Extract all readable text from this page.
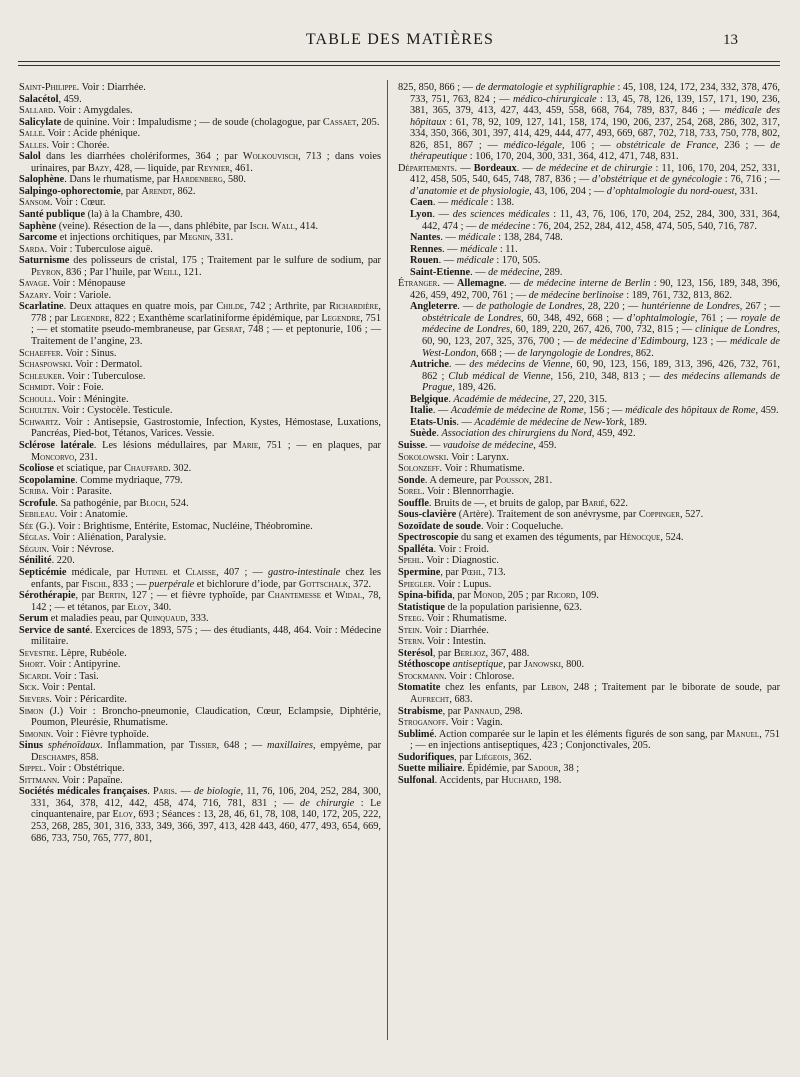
TABLE DES MATIÈRES	13
Saint-Philippe. Voir : Diarrhée.
Salacétol, 459.
Sallard. Voir : Amygdales.
Salicylate de quinine. Voir : Impaludisme ; — de soude (cholagogue, par Cassaet, 205.
Salle. Voir : Acide phénique.
Salles. Voir : Chorée.
Salol dans les diarrhées cholériformes, 364 ; par Wolkouvisch, 713 ; dans voies urinaires, par Bazy, 428, — liquide, par Reynier, 461.
Salophène. Dans le rhumatisme, par Hardenberg, 580.
Salpingo-ophorectomie, par Arendt, 862.
Sansom. Voir : Cœur.
Santé publique (la) à la Chambre, 430.
Saphène (veine). Résection de la —, dans phlébite, par Isch. Wall, 414.
Sarcome et injections orchitiques, par Megnin, 331.
Sarda. Voir : Tuberculose aiguë.
Saturnisme des polisseurs de cristal, 175 ; Traitement par le sulfure de sodium, par Peyron, 836 ; Par l’huile, par Weill, 121.
Savage. Voir : Ménopause
Sazary. Voir : Variole.
Scarlatine. Deux attaques en quatre mois, par Childe, 742 ; Arthrite, par Richardière, 778 ; par Legendre, 822 ; Exanthème scarlatiniforme épidémique, par Legendre, 751 ; — et stomatite pseudo-membraneuse, par Gesrat, 748 ; — et peptonurie, 106 ; — Traitement de l’angine, 23.
Schaeffer. Voir : Sinus.
Schaspowski. Voir : Dermatol.
Schleuker. Voir : Tuberculose.
Schmidt. Voir : Foie.
Schoull. Voir : Méningite.
Schulten. Voir : Cystocèle. Testicule.
Schwartz. Voir : Antisepsie, Gastrostomie, Infection, Kystes, Hémostase, Luxations, Pancréas, Pied-bot, Tétanos, Varices. Vessie.
Sclérose latérale. Les lésions médullaires, par Marie, 751 ; — en plaques, par Moncorvo, 231.
Scoliose et sciatique, par Chauffard. 302.
Scopolamine. Comme mydriaque, 779.
Scriba. Voir : Parasite.
Scrofule. Sa pathogénie, par Bloch, 524.
Sebileau. Voir : Anatomie.
Sée (G.). Voir : Brightisme, Entérite, Estomac, Nucléine, Théobromine.
Séglas. Voir : Aliénation, Paralysie.
Séguin. Voir : Névrose.
Sénilité. 220.
Septicémie médicale, par Hutinel et Claisse, 407 ; — gastro-intestinale chez les enfants, par Fischl, 833 ; — puerpérale et bichlorure d’iode, par Gottschalk, 372.
Sérothérapie, par Bertin, 127 ; — et fièvre typhoïde, par Chantemesse et Widal, 78, 142 ; — et tétanos, par Eloy, 340.
Serum et maladies peau, par Quinquaud, 333.
Service de santé. Exercices de 1893, 575 ; — des étudiants, 448, 464. Voir : Médecine militaire.
Sevestre. Lèpre, Rubéole.
Short. Voir : Antipyrine.
Sicardi. Voir : Tasi.
Sick. Voir : Pental.
Sievers. Voir : Péricardite.
Simon (J.) Voir : Broncho-pneumonie, Claudication, Cœur, Eclampsie, Diphtérie, Poumon, Pleurésie, Rhumatisme.
Simonin. Voir : Fièvre typhoïde.
Sinus sphénoïdaux. Inflammation, par Tissier, 648 ; — maxillaires, empyème, par Deschamps, 858.
Sippel. Voir : Obstétrique.
Sittmann. Voir : Papaïne.
Sociétés médicales françaises. Paris. — de biologie, 11, 76, 106, 204, 252, 284, 300, 331, 364, 378, 412, 442, 458, 474, 716, 781, 831 ; — de chirurgie : Le cinquantenaire, par Eloy, 693 ; Séances : 13, 28, 46, 61, 78, 108, 140, 172, 205, 222, 253, 268, 285, 301, 316, 333, 349, 366, 397, 413, 428 443, 460, 477, 493, 654, 669, 686, 733, 750, 765, 777, 801,
825, 850, 866 ; — de dermatologie et syphiligraphie : 45, 108, 124, 172, 234, 332, 378, 476, 733, 751, 763, 824 ; — médico-chirurgicale : 13, 45, 78, 126, 139, 157, 171, 190, 236, 381, 365, 379, 413, 427, 443, 459, 558, 668, 764, 789, 837, 846 ; — médicale des hôpitaux : 61, 78, 92, 109, 127, 141, 158, 174, 190, 206, 237, 254, 268, 286, 302, 317, 334, 350, 366, 301, 397, 414, 429, 444, 477, 493, 669, 687, 702, 718, 733, 750, 778, 802, 826, 851, 867 ; — médico-légale, 106 ; — obstétricale de France, 236 ; — de thérapeutique : 106, 170, 204, 300, 331, 364, 412, 471, 748, 831.
Départements. — Bordeaux. — de médecine et de chirurgie : 11, 106, 170, 204, 252, 331, 412, 458, 505, 540, 645, 748, 787, 836 ; — d’obstétrique et de gynécologie : 76, 716 ; — d’anatomie et de physiologie, 43, 106, 204 ; — d’ophtalmologie du nord-ouest, 331.
Caen. — médicale : 138.
Lyon. — des sciences médicales : 11, 43, 76, 106, 170, 204, 252, 284, 300, 331, 364, 442, 474 ; — de médecine : 76, 204, 252, 284, 412, 458, 474, 505, 540, 716, 787.
Nantes. — médicale : 138, 284, 748.
Rennes. — médicale : 11.
Rouen. — médicale : 170, 505.
Saint-Etienne. — de médecine, 289.
Étranger. — Allemagne. — de médecine interne de Berlin : 90, 123, 156, 189, 348, 396, 426, 459, 492, 700, 761 ; — de médecine berlinoise : 189, 761, 732, 813, 862.
Angleterre. — de pathologie de Londres, 28, 220 ; — huntérienne de Londres, 267 ; — obstétricale de Londres, 60, 348, 492, 668 ; — d’ophtalmologie, 761 ; — royale de médecine de Londres, 60, 189, 220, 267, 426, 700, 732, 815 ; — clinique de Londres, 60, 90, 123, 207, 325, 376, 700 ; — de médecine d’Edimbourg, 123 ; — médicale de West-London, 668 ; — de laryngologie de Londres, 862.
Autriche. — des médecins de Vienne, 60, 90, 123, 156, 189, 313, 396, 426, 732, 761, 862 ; Club médical de Vienne, 156, 210, 348, 813 ; — des médecins allemands de Prague, 189, 426.
Belgique. Académie de médecine, 27, 220, 315.
Italie. — Académie de médecine de Rome, 156 ; — médicale des hôpitaux de Rome, 459.
Etats-Unis. — Académie de médecine de New-York, 189.
Suède. Association des chirurgiens du Nord, 459, 492.
Suisse. — vaudoise de médecine, 459.
Sokolowski. Voir : Larynx.
Solonzeff. Voir : Rhumatisme.
Sonde. A demeure, par Pousson, 281.
Sorel. Voir : Blennorrhagie.
Souffle. Bruits de —, et bruits de galop, par Barié, 622.
Sous-clavière (Artère). Traitement de son anévrysme, par Coppinger, 527.
Sozoïdate de soude. Voir : Coqueluche.
Spectroscopie du sang et examen des téguments, par Hénocque, 524.
Spalléta. Voir : Froid.
Spehl. Voir : Diagnostic.
Spermine, par Pœhl, 713.
Spiegler. Voir : Lupus.
Spina-bifida, par Monod, 205 ; par Ricord, 109.
Statistique de la population parisienne, 623.
Steeg. Voir : Rhumatisme.
Stein. Voir : Diarrhée.
Stern. Voir : Intestin.
Sterésol, par Berlioz, 367, 488.
Stéthoscope antiseptique, par Janowski, 800.
Stockmann. Voir : Chlorose.
Stomatite chez les enfants, par Lebon, 248 ; Traitement par le biborate de soude, par Aufrecht, 683.
Strabisme, par Pannaud, 298.
Stroganoff. Voir : Vagin.
Sublimé. Action comparée sur le lapin et les éléments figurés de son sang, par Manuel, 751 ; — en injections antiseptiques, 423 ; Conjonctivales, 205.
Sudorifiques, par Liégeois, 362.
Suette miliaire. Épidémie, par Sadour, 38 ;
Sulfonal. Accidents, par Huchard, 198.
